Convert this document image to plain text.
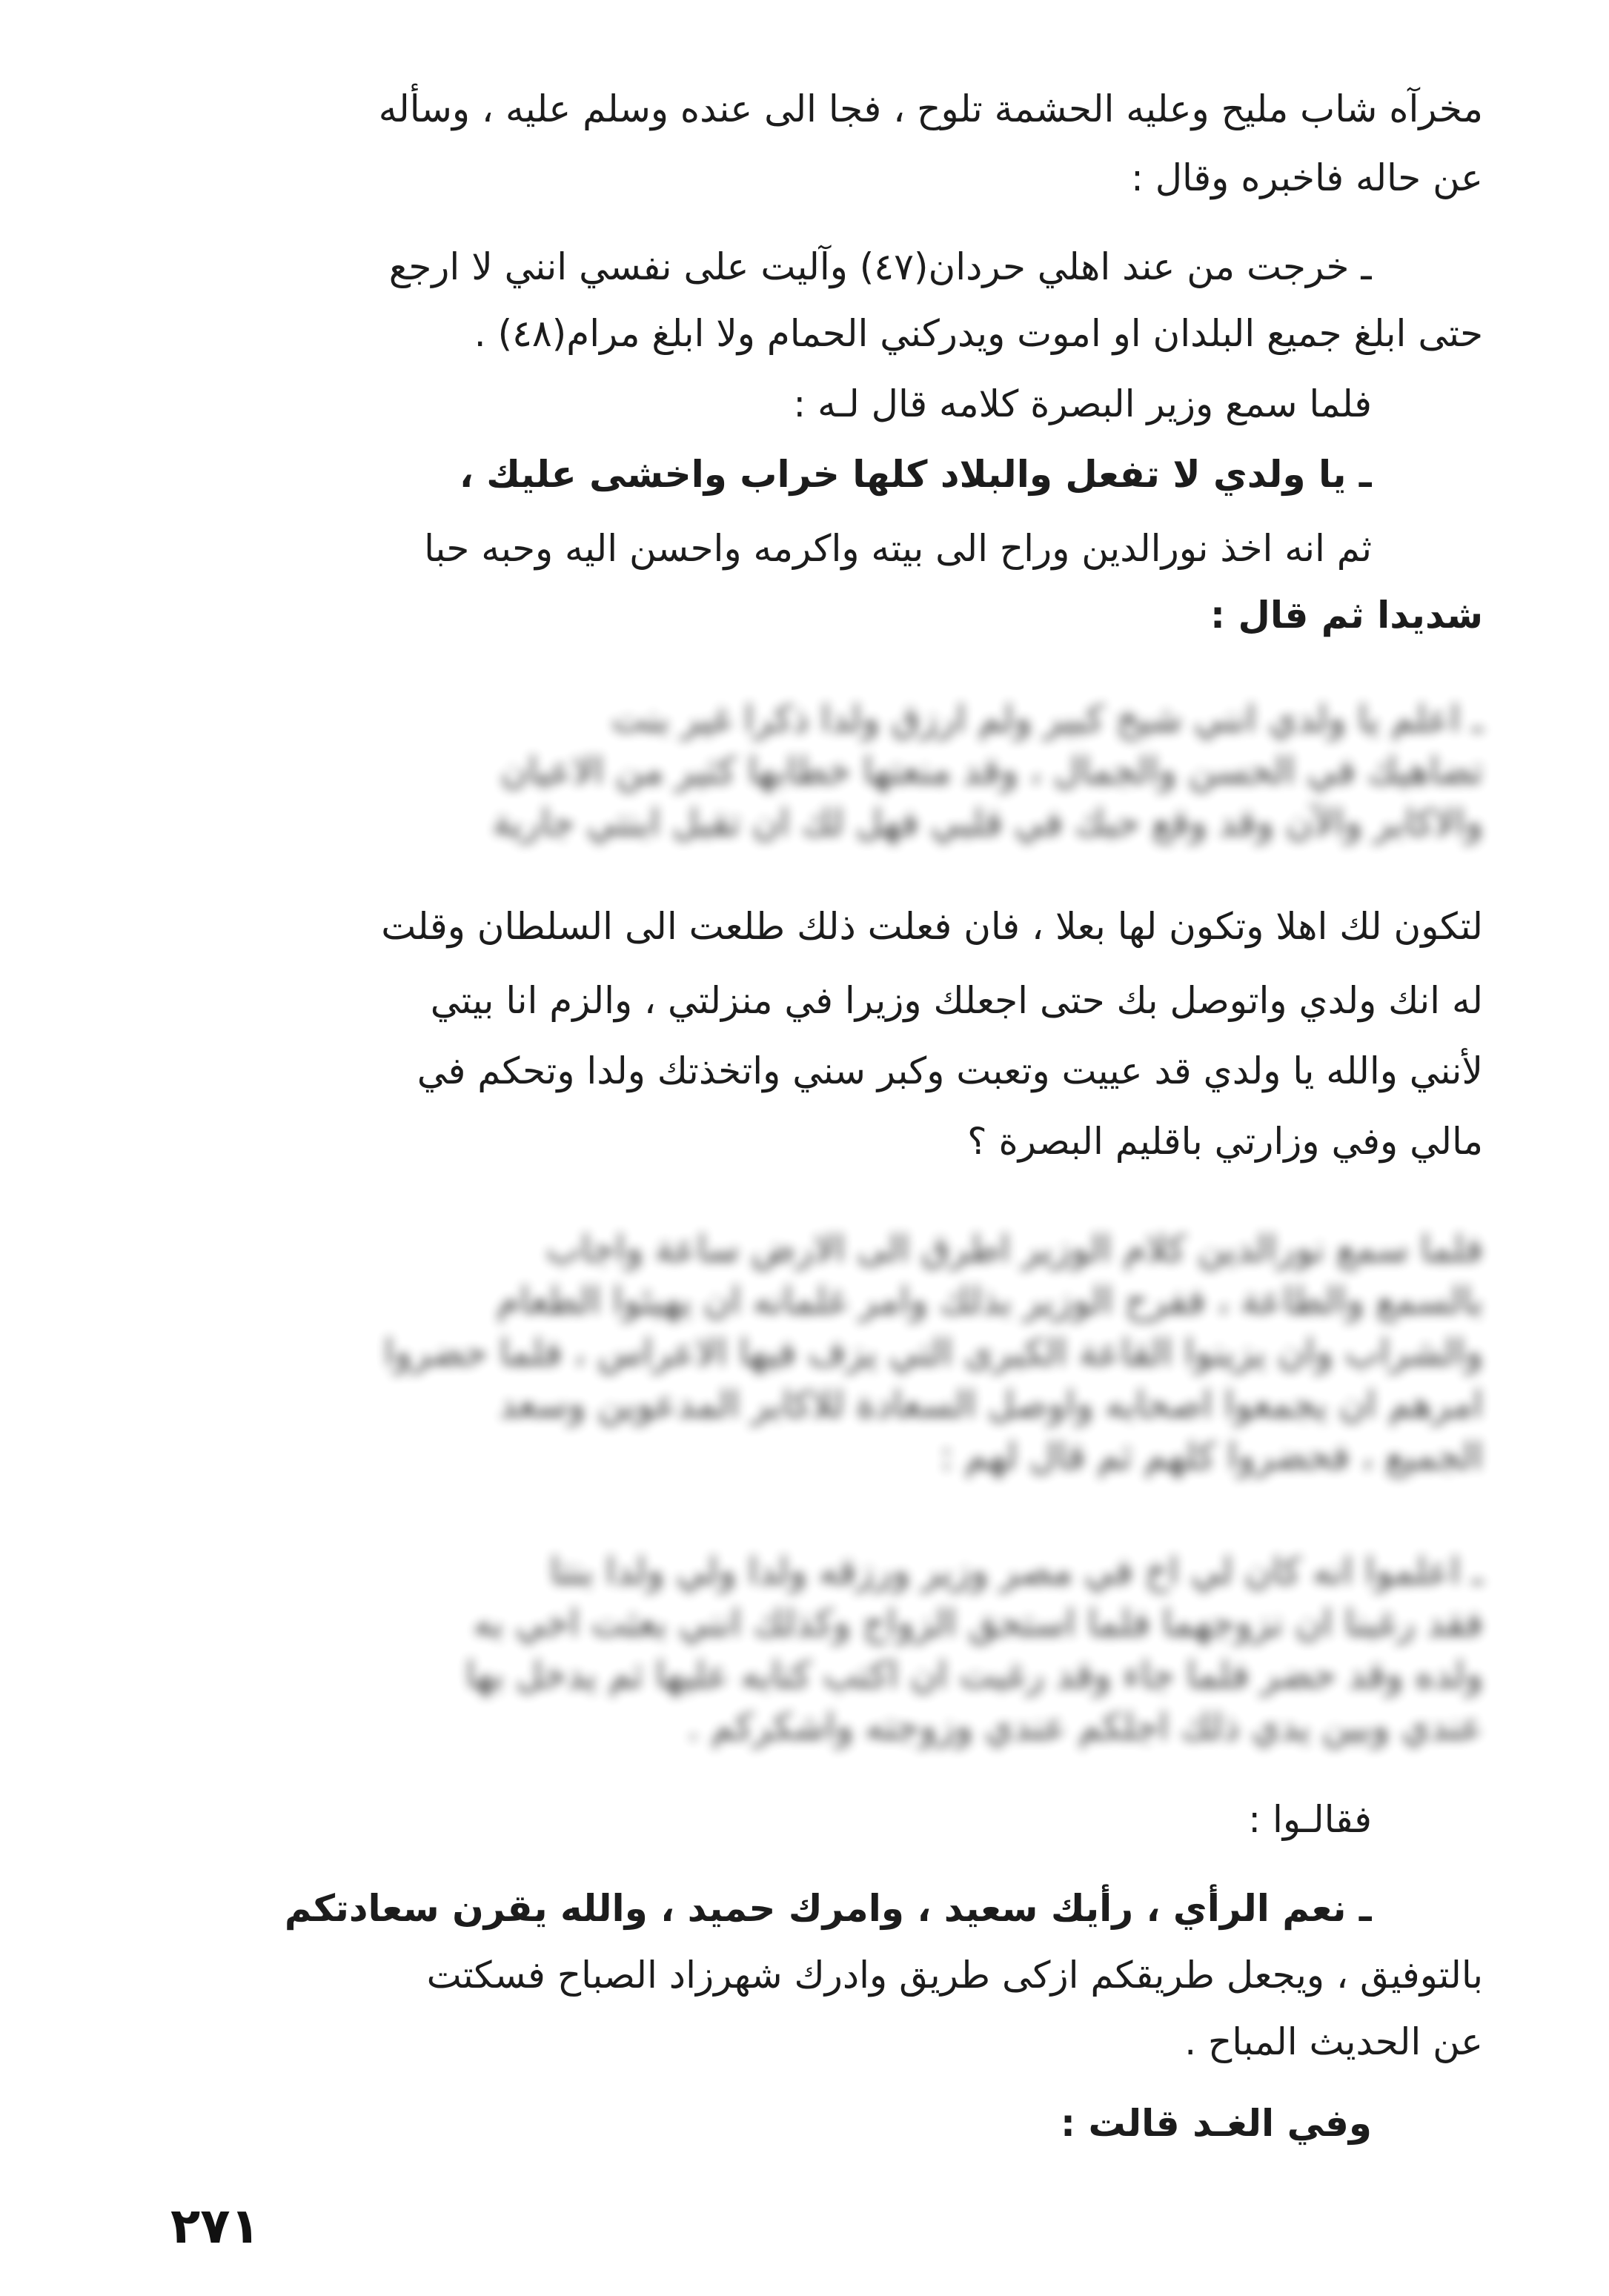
مخرآه شاب مليح وعليه الحشمة تلوح ، فجا الى عنده وسلم عليه ، وسأله
عن حاله فاخبره وقال :
ـ خرجت من عند اهلي حردان(٤٧) وآليت على نفسي انني لا ارجع
حتى ابلغ جميع البلدان او اموت ويدركني الحمام ولا ابلغ مرام(٤٨) .
فلما سمع وزير البصرة كلامه قال لـه :
ـ يا ولدي لا تفعل والبلاد كلها خراب واخشى عليك ،
ثم انه اخذ نورالدين وراح الى بيته واكرمه واحسن اليه وحبه حبا
شديدا ثم قال :
ـ اعلم يا ولدي انني شيخ كبير ولم ارزق ولدا ذكرا غير بنت
تضاهيك في الحسن والجمال ، وقد منعتها خطابها كثير من الاعيان
والاكابر والآن وقد وقع حبك في قلبي فهل لك ان تقبل ابنتي جارية
لتكون لك اهلا وتكون لها بعلا ، فان فعلت ذلك طلعت الى السلطان وقلت
له انك ولدي واتوصل بك حتى اجعلك وزيرا في منزلتي ، والزم انا بيتي
لأنني والله يا ولدي قد عييت وتعبت وكبر سني واتخذتك ولدا وتحكم في
مالي وفي وزارتي باقليم البصرة ؟
فلما سمع نورالدين كلام الوزير اطرق الى الارض ساعة واجاب
بالسمع والطاعة ، ففرح الوزير بذلك وامر غلمانه ان يهيئوا الطعام
والشراب وان يزينوا القاعة الكبرى التي يزف فيها الاعراس ، فلما حضروا
امرهم ان يجمعوا اصحابه واوصل السعادة للاكابر المدعوين وسعد
الجميع ، فحضروا كلهم ثم قال لهم :
ـ اعلموا انه كان لي اخ في مصر وزير ورزقه ولدا ولي ولدا بنتا
فقد رغبنا ان نزوجهما فلما استحق الزواج وكذلك انني بعثت اخي به
ولده وقد حضر فلما جاء وقد رغبت ان اكتب كتابه عليها ثم يدخل بها
عندي وبين يدي ذلك اجلكم عندي وزوجته واشكركم .
فقالـوا :
ـ نعم الرأي ، رأيك سعيد ، وامرك حميد ، والله يقرن سعادتكم
بالتوفيق ، ويجعل طريقكم ازكى طريق وادرك شهرزاد الصباح فسكتت
عن الحديث المباح .
وفي الغـد قالت :
٢٧١
